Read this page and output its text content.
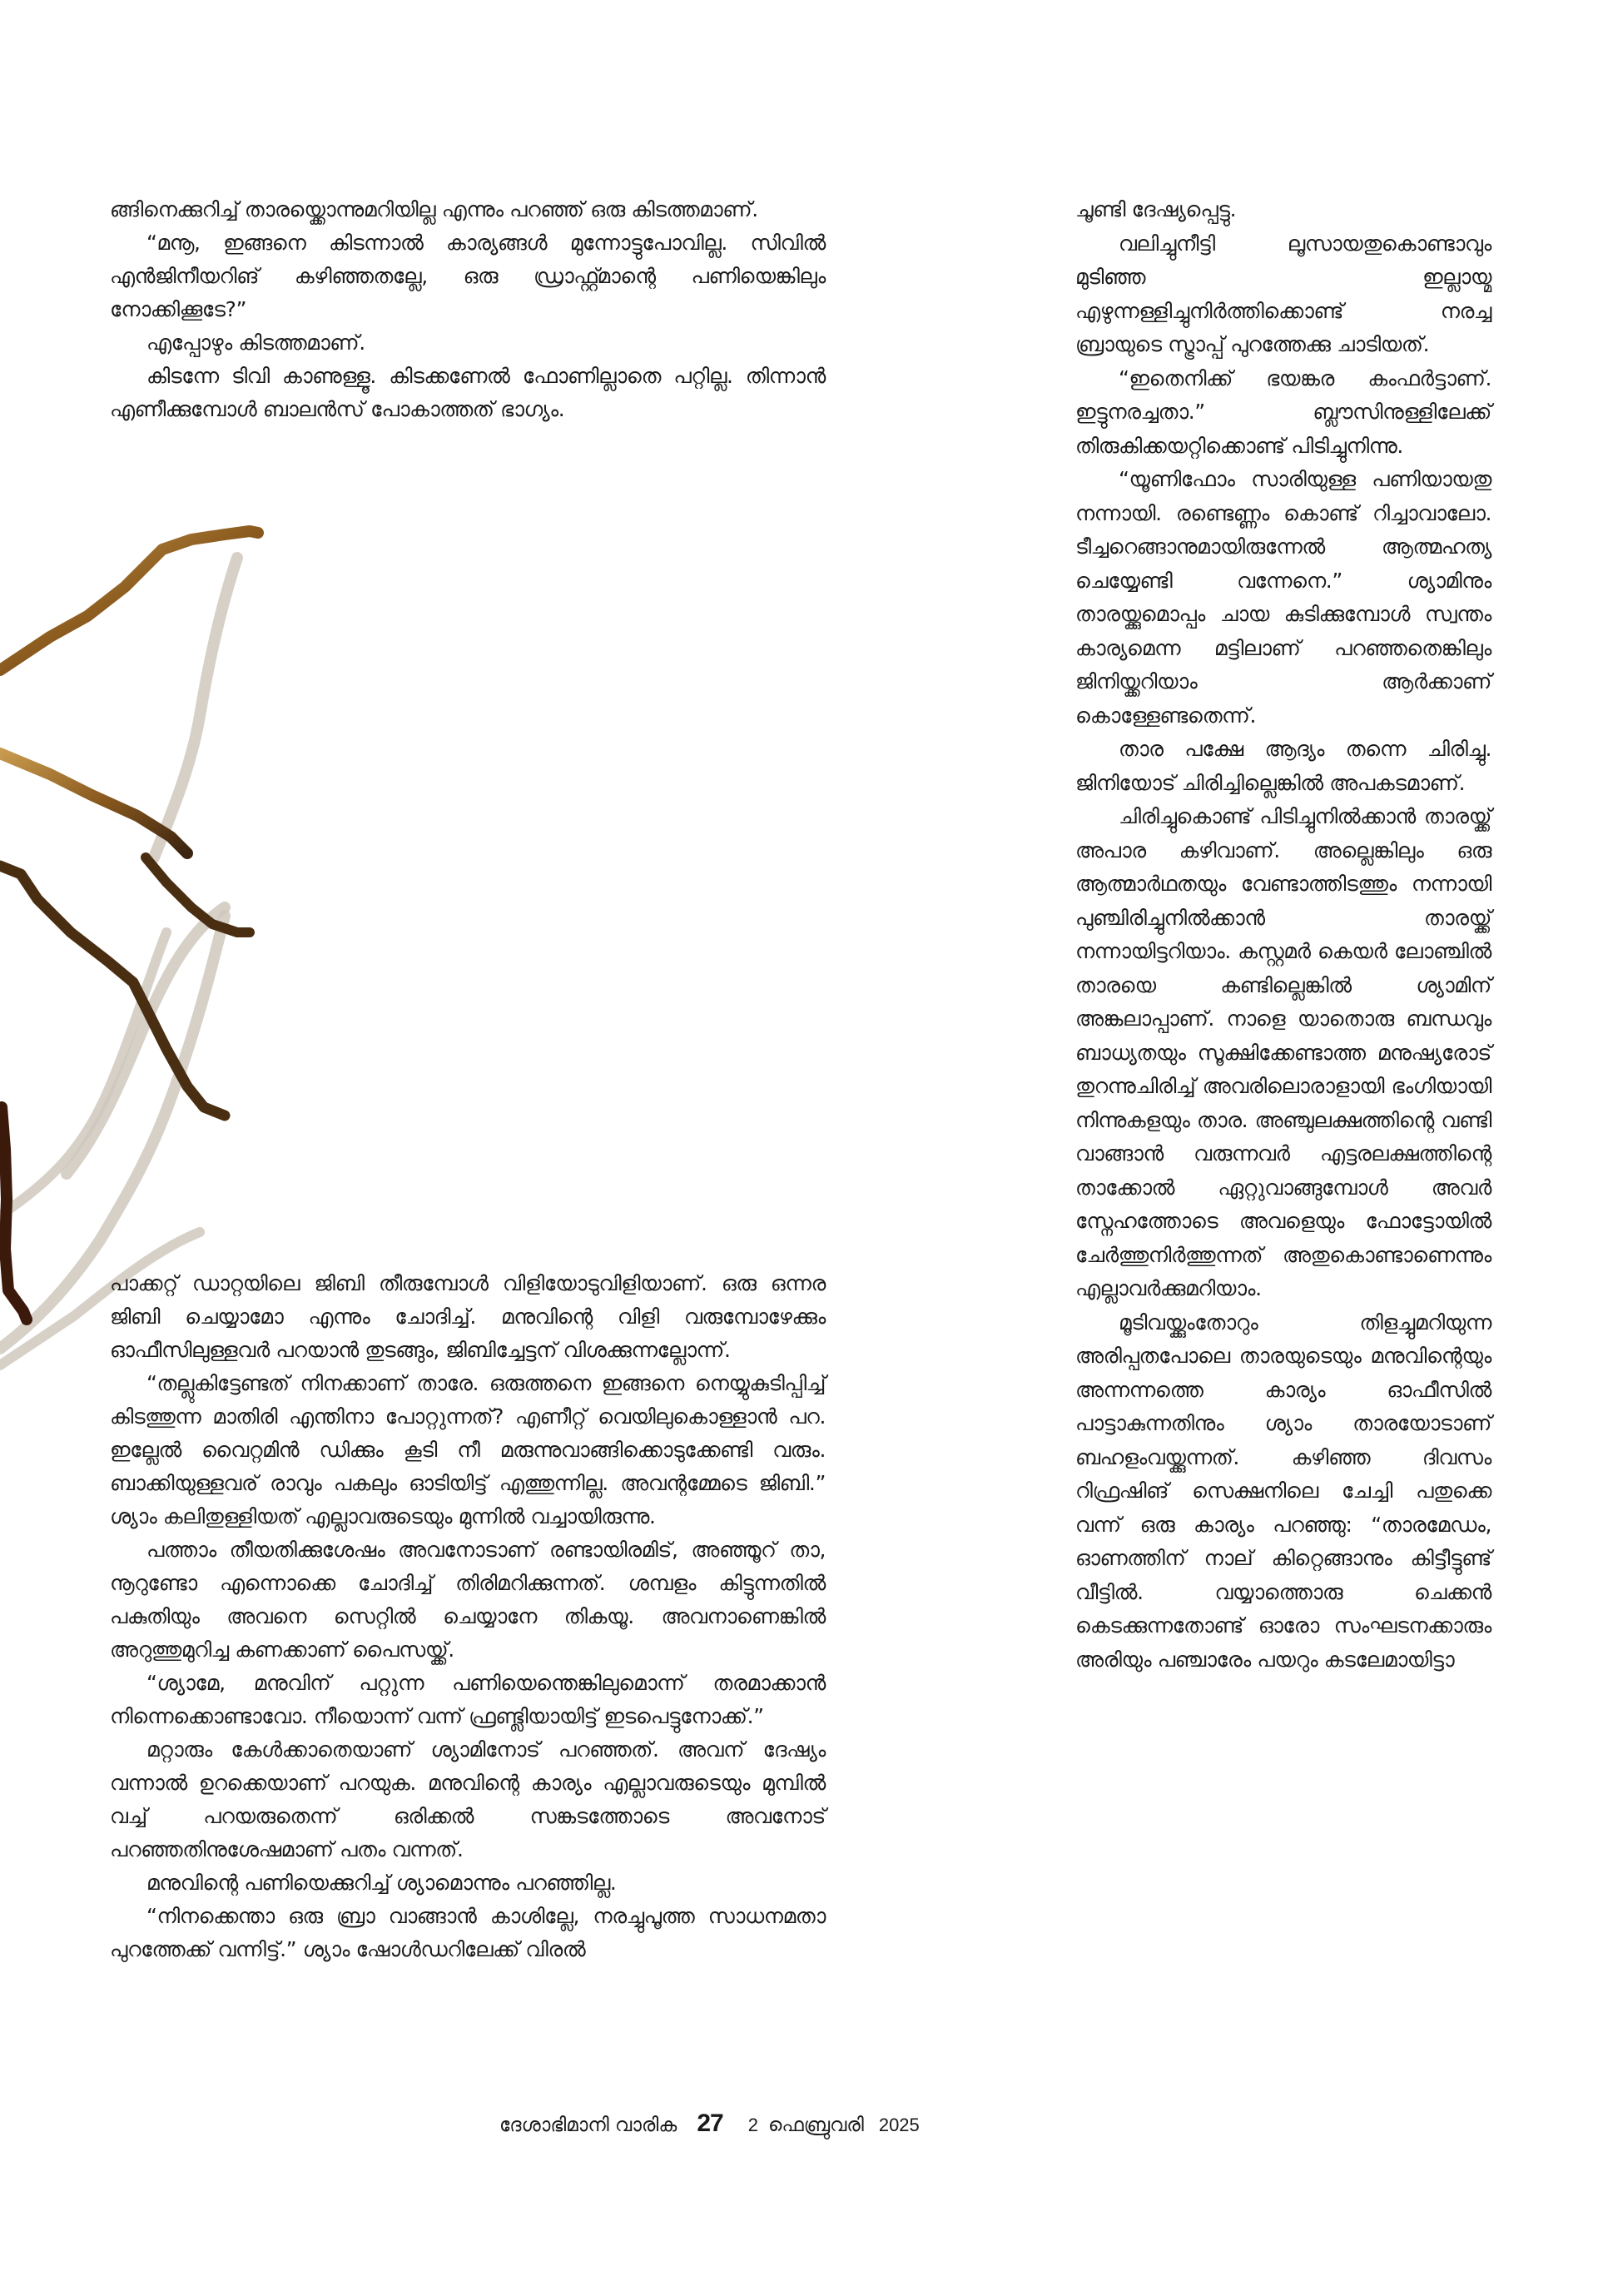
ങ്ങിനെക്കുറിച്ച് താരയ്ക്കൊന്നുമറിയില്ല എന്നും പറഞ്ഞ് ഒരു കിടത്തമാണ്.

“മനൂ, ഇങ്ങനെ കിടന്നാൽ കാര്യങ്ങൾ മുന്നോട്ടുപോവില്ല. സിവിൽ എൻജിനീയറിങ് കഴിഞ്ഞതല്ലേ, ഒരു ഡ്രാഫ്റ്റ്മാന്റെ പണിയെങ്കിലും നോക്കിക്കൂടേ?”

എപ്പോഴും കിടത്തമാണ്.

കിടന്നേ ടിവി കാണുള്ളൂ. കിടക്കണേൽ ഫോണില്ലാതെ പറ്റില്ല. തിന്നാൻ എണീക്കുമ്പോൾ ബാലൻസ് പോകാത്തത് ഭാഗ്യം.

പാക്കറ്റ് ഡാറ്റയിലെ ജിബി തീരുമ്പോൾ വിളിയോടുവിളിയാണ്. ഒരു ഒന്നര ജിബി ചെയ്യാമോ എന്നും ചോദിച്ച്. മനുവിന്റെ വിളി വരുമ്പോഴേക്കും ഓഫീസിലുള്ളവർ പറയാൻ തുടങ്ങും, ജിബിച്ചേട്ടന് വിശക്കുന്നല്ലോന്ന്.

“തല്ലുകിട്ടേണ്ടത് നിനക്കാണ് താരേ. ഒരുത്തനെ ഇങ്ങനെ നെയ്യുകുടിപ്പിച്ച് കിടത്തുന്ന മാതിരി എന്തിനാ പോറ്റുന്നത്? എണീറ്റ് വെയിലുകൊള്ളാൻ പറ. ഇല്ലേൽ വൈറ്റമിൻ ഡിക്കും കൂടി നീ മരുന്നുവാങ്ങിക്കൊടുക്കേണ്ടി വരും. ബാക്കിയുള്ളവര് രാവും പകലും ഓടിയിട്ട് എത്തുന്നില്ല. അവന്റമ്മേടെ ജിബി.” ശ്യാം കലിതുള്ളിയത് എല്ലാവരുടെയും മുന്നിൽ വച്ചായിരുന്നു.

പത്താം തീയതിക്കുശേഷം അവനോടാണ് രണ്ടായിരമിട്, അഞ്ഞൂറ് താ, നൂറുണ്ടോ എന്നൊക്കെ ചോദിച്ച് തിരിമറിക്കുന്നത്. ശമ്പളം കിട്ടുന്നതിൽ പകുതിയും അവനെ സെറ്റിൽ ചെയ്യാനേ തികയൂ. അവനാണെങ്കിൽ അറുത്തുമുറിച്ച കണക്കാണ് പൈസയ്ക്ക്.

“ശ്യാമേ, മനുവിന് പറ്റുന്ന പണിയെന്തെങ്കിലുമൊന്ന് തരമാക്കാൻ നിന്നെക്കൊണ്ടാവോ. നീയൊന്ന് വന്ന് ഫ്രണ്ട്ലിയായിട്ട് ഇടപെട്ടുനോക്ക്.”

മറ്റാരും കേൾക്കാതെയാണ് ശ്യാമിനോട് പറഞ്ഞത്. അവന് ദേഷ്യം വന്നാൽ ഉറക്കെയാണ് പറയുക. മനുവിന്റെ കാര്യം എല്ലാവരുടെയും മുമ്പിൽ വച്ച് പറയരുതെന്ന് ഒരിക്കൽ സങ്കടത്തോടെ അവനോട് പറഞ്ഞതിനുശേഷമാണ് പതം വന്നത്.

മനുവിന്റെ പണിയെക്കുറിച്ച് ശ്യാമൊന്നും പറഞ്ഞില്ല.

“നിനക്കെന്താ ഒരു ബ്രാ വാങ്ങാൻ കാശില്ലേ, നരച്ചുപൂത്ത സാധനമതാ പുറത്തേക്ക് വന്നിട്ട്.” ശ്യാം ഷോൾഡറിലേക്ക് വിരൽ

ചൂണ്ടി ദേഷ്യപ്പെട്ടു.

വലിച്ചുനീട്ടി ലൂസായതുകൊണ്ടാവും മുടിഞ്ഞ ഇല്ലായ്മ എഴുന്നള്ളിച്ചുനിർത്തിക്കൊണ്ട് നരച്ച ബ്രായുടെ സ്ട്രാപ്പ് പുറത്തേക്കു ചാടിയത്.

“ഇതെനിക്ക് ഭയങ്കര കംഫർട്ടാണ്. ഇട്ടുനരച്ചതാ.” ബ്ലൗസിനുള്ളിലേക്ക് തിരുകിക്കയറ്റിക്കൊണ്ട് പിടിച്ചുനിന്നു.

“യൂണിഫോം സാരിയുള്ള പണിയായതു നന്നായി. രണ്ടെണ്ണം കൊണ്ട് റിച്ചാവാലോ. ടീച്ചറെങ്ങാനുമായിരുന്നേൽ ആത്മഹത്യ ചെയ്യേണ്ടി വന്നേനെ.” ശ്യാമിനും താരയ്ക്കുമൊപ്പം ചായ കുടിക്കുമ്പോൾ സ്വന്തം കാര്യമെന്ന മട്ടിലാണ് പറഞ്ഞതെങ്കിലും ജിനിയ്ക്കറിയാം ആർക്കാണ് കൊള്ളേണ്ടതെന്ന്.

താര പക്ഷേ ആദ്യം തന്നെ ചിരിച്ചു. ജിനിയോട് ചിരിച്ചില്ലെങ്കിൽ അപകടമാണ്.

ചിരിച്ചുകൊണ്ട് പിടിച്ചുനിൽക്കാൻ താരയ്ക്ക് അപാര കഴിവാണ്. അല്ലെങ്കിലും ഒരു ആത്മാർഥതയും വേണ്ടാത്തിടത്തും നന്നായി പുഞ്ചിരിച്ചുനിൽക്കാൻ താരയ്ക്ക് നന്നായിട്ടറിയാം. കസ്റ്റമർ കെയർ ലോഞ്ചിൽ താരയെ കണ്ടില്ലെങ്കിൽ ശ്യാമിന് അങ്കലാപ്പാണ്. നാളെ യാതൊരു ബന്ധവും ബാധ്യതയും സൂക്ഷിക്കേണ്ടാത്ത മനുഷ്യരോട് തുറന്നുചിരിച്ച് അവരിലൊരാളായി ഭംഗിയായി നിന്നുകളയും താര. അഞ്ചുലക്ഷത്തിന്റെ വണ്ടി വാങ്ങാൻ വരുന്നവർ എട്ടരലക്ഷത്തിന്റെ താക്കോൽ ഏറ്റുവാങ്ങുമ്പോൾ അവർ സ്നേഹത്തോടെ അവളെയും ഫോട്ടോയിൽ ചേർത്തുനിർത്തുന്നത് അതുകൊണ്ടാണെന്നും എല്ലാവർക്കുമറിയാം.

മൂടിവയ്ക്കുംതോറും തിളച്ചുമറിയുന്ന അരിപ്പതപോലെ താരയുടെയും മനുവിന്റെയും അന്നന്നത്തെ കാര്യം ഓഫീസിൽ പാട്ടാകുന്നതിനും ശ്യാം താരയോടാണ് ബഹളംവയ്ക്കുന്നത്. കഴിഞ്ഞ ദിവസം റിഫ്രഷിങ് സെക്ഷനിലെ ചേച്ചി പതുക്കെ വന്ന് ഒരു കാര്യം പറഞ്ഞു: “താരമേഡം, ഓണത്തിന് നാല് കിറ്റെങ്ങാനും കിട്ടീട്ടുണ്ട് വീട്ടിൽ. വയ്യാത്തൊരു ചെക്കൻ കെടക്കുന്നതോണ്ട് ഓരോ സംഘടനക്കാരും അരിയും പഞ്ചാരേം പയറും കടലേമായിട്ടാ

ദേശാഭിമാനി വാരിക 27 2 ഫെബ്രുവരി 2025
